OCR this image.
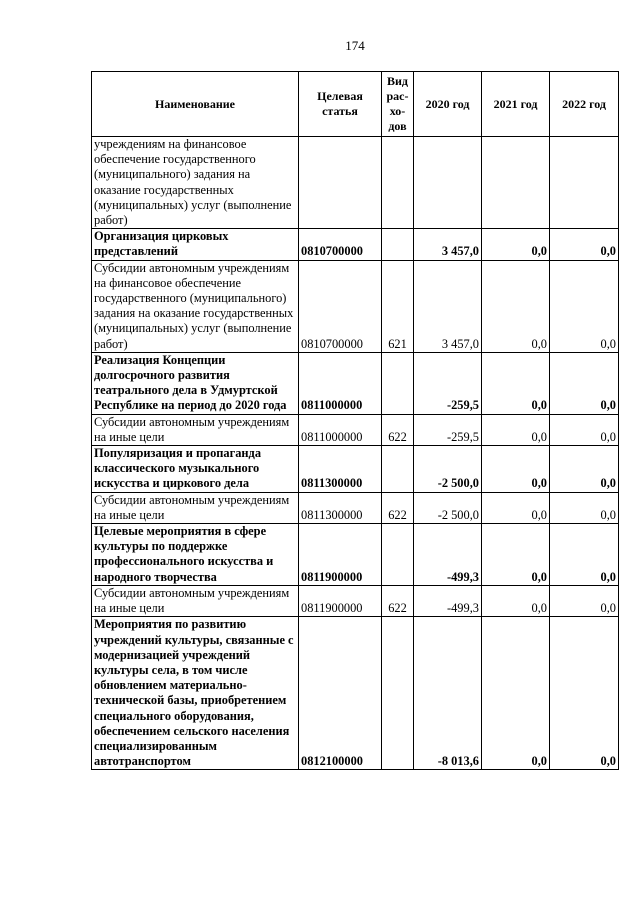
174
Наименование	Целевая статья	Вид рас-хо-дов	2020 год	2021 год	2022 год
учреждениям на финансовое обеспечение государственного (муниципального) задания на оказание государственных (муниципальных) услуг (выполнение работ)					
Организация цирковых представлений	0810700000		3 457,0	0,0	0,0
Субсидии автономным учреждениям на финансовое обеспечение государственного (муниципального) задания на оказание государственных (муниципальных) услуг (выполнение работ)	0810700000	621	3 457,0	0,0	0,0
Реализация Концепции долгосрочного развития театрального дела в Удмуртской Республике на период до 2020 года	0811000000		-259,5	0,0	0,0
Субсидии автономным учреждениям на иные цели	0811000000	622	-259,5	0,0	0,0
Популяризация и пропаганда классического музыкального искусства и циркового дела	0811300000		-2 500,0	0,0	0,0
Субсидии автономным учреждениям на иные цели	0811300000	622	-2 500,0	0,0	0,0
Целевые мероприятия в сфере культуры по поддержке профессионального искусства и народного творчества	0811900000		-499,3	0,0	0,0
Субсидии автономным учреждениям на иные цели	0811900000	622	-499,3	0,0	0,0
Мероприятия по развитию учреждений культуры, связанные с модернизацией учреждений культуры села, в том числе обновлением материально-технической базы, приобретением специального оборудования, обеспечением сельского населения специализированным автотранспортом	0812100000		-8 013,6	0,0	0,0
